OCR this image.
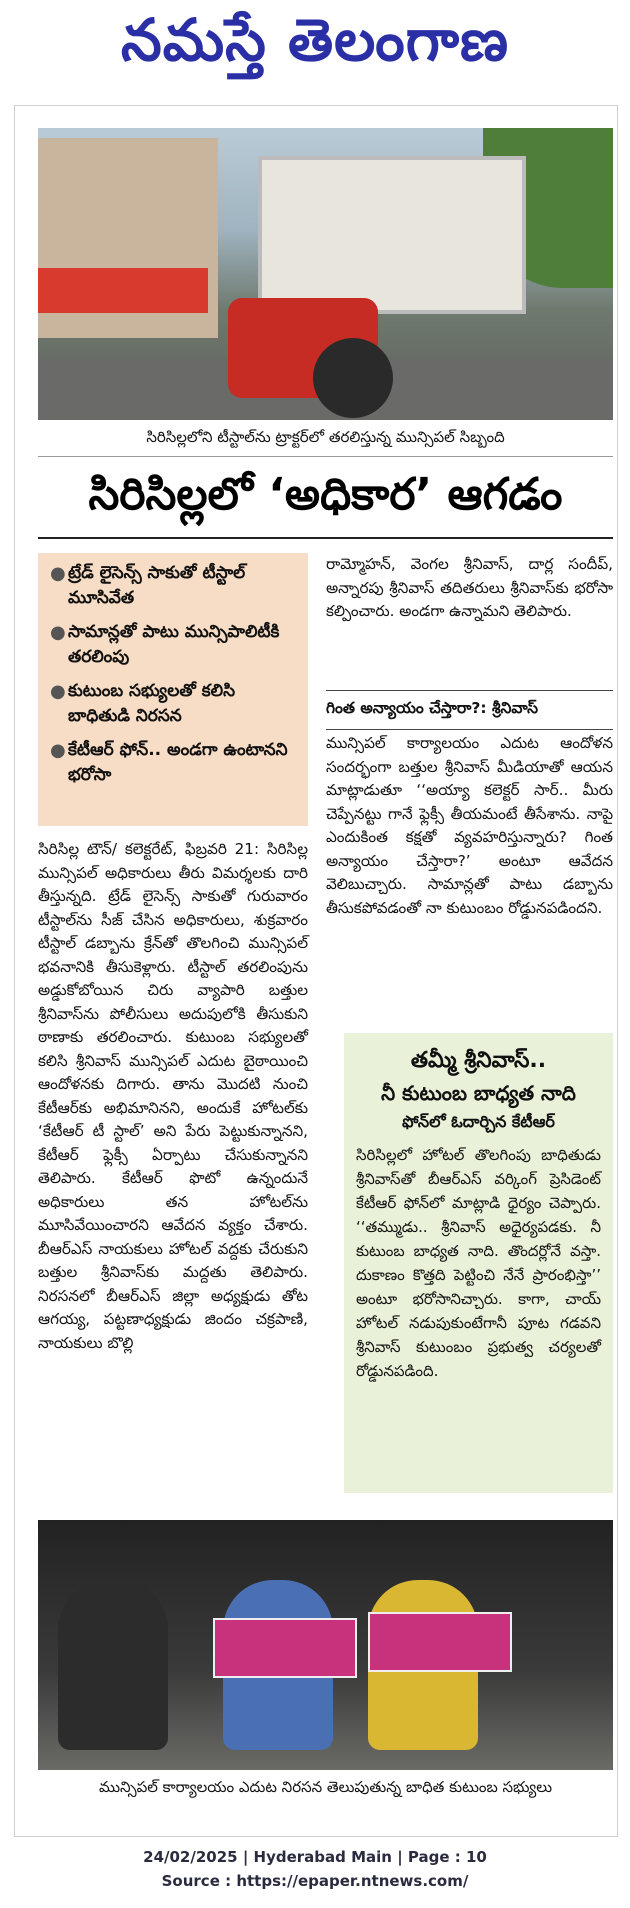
నమస్తే తెలంగాణ
సిరిసిల్లలోని టీస్టాల్‌ను ట్రాక్టర్‌లో తరలిస్తున్న మున్సిపల్ సిబ్బంది
సిరిసిల్లలో ‘అధికార’ ఆగడం
● ట్రేడ్ లైసెన్స్ సాకుతో టీస్టాల్ మూసివేత
● సామాన్లతో పాటు మున్సిపాలిటీకి తరలింపు
● కుటుంబ సభ్యులతో కలిసి బాధితుడి నిరసన
● కేటీఆర్ ఫోన్.. అండగా ఉంటానని భరోసా

సిరిసిల్ల టౌన్/ కలెక్టరేట్, ఫిబ్రవరి 21: సిరిసిల్ల మున్సిపల్ అధికారులు తీరు విమర్శలకు దారి తీస్తున్నది. ట్రేడ్ లైసెన్స్ సాకుతో గురువారం టీస్టాల్‌ను సీజ్ చేసిన అధికారులు, శుక్రవారం టీస్టాల్ డబ్బాను క్రేన్‌తో తొలగించి మున్సిపల్ భవనానికి తీసుకెళ్లారు. టీస్టాల్ తరలింపును అడ్డుకోబోయిన చిరు వ్యాపారి బత్తుల శ్రీనివాస్‌ను పోలీసులు అదుపులోకి తీసుకుని ఠాణాకు తరలించారు. కుటుంబ సభ్యులతో కలిసి శ్రీనివాస్ మున్సిపల్ ఎదుట బైఠాయించి ఆందోళనకు దిగారు. తాను మొదటి నుంచి కేటీఆర్‌కు అభిమానినని, అందుకే హోటల్‌కు ‘కేటీఆర్ టీ స్టాల్’ అని పేరు పెట్టుకున్నానని, కేటీఆర్ ఫ్లెక్సీ ఏర్పాటు చేసుకున్నానని తెలిపారు. కేటీఆర్ ఫొటో ఉన్నందునే అధికారులు తన హోటల్‌ను మూసివేయించారని ఆవేదన వ్యక్తం చేశారు. బీఆర్ఎస్ నాయకులు హోటల్ వద్దకు చేరుకుని బత్తుల శ్రీనివాస్‌కు మద్దతు తెలిపారు. నిరసనలో బీఆర్ఎస్ జిల్లా అధ్యక్షుడు తోట ఆగయ్య, పట్టణాధ్యక్షుడు జిందం చక్రపాణి, నాయకులు బొల్లి

రామ్మోహన్, వెంగల శ్రీనివాస్, దార్ల సందీప్, అన్నారపు శ్రీనివాస్ తదితరులు శ్రీనివాస్‌కు భరోసా కల్పించారు. అండగా ఉన్నామని తెలిపారు.

గింత అన్యాయం చేస్తారా?: శ్రీనివాస్

మున్సిపల్ కార్యాలయం ఎదుట ఆందోళన సందర్భంగా బత్తుల శ్రీనివాస్ మీడియాతో ఆయన మాట్లాడుతూ ‘‘అయ్యా కలెక్టర్ సార్.. మీరు చెప్పేనట్టు గానే ఫ్లెక్సీ తీయమంటే తీసేశాను. నాపై ఎందుకింత కక్షతో వ్యవహరిస్తున్నారు? గింత అన్యాయం చేస్తారా?’ అంటూ ఆవేదన వెలిబుచ్చారు. సామాన్లతో పాటు డబ్బాను తీసుకపోవడంతో నా కుటుంబం రోడ్డునపడిందని.

తమ్మీ శ్రీనివాస్..
నీ కుటుంబ బాధ్యత నాది
ఫోన్‌లో ఓదార్చిన కేటీఆర్
సిరిసిల్లలో హోటల్ తొలగింపు బాధితుడు శ్రీనివాస్‌తో బీఆర్ఎస్ వర్కింగ్ ప్రెసిడెంట్ కేటీఆర్ ఫోన్‌లో మాట్లాడి ధైర్యం చెప్పారు. ‘‘తమ్ముడు.. శ్రీనివాస్ అధైర్యపడకు. నీ కుటుంబ బాధ్యత నాది. తొందర్లోనే వస్తా. దుకాణం కొత్తది పెట్టించి నేనే ప్రారంభిస్తా’’ అంటూ భరోసానిచ్చారు. కాగా, చాయ్ హోటల్ నడుపుకుంటేగానీ పూట గడవని శ్రీనివాస్ కుటుంబం ప్రభుత్వ చర్యలతో రోడ్డునపడింది.
మున్సిపల్ కార్యాలయం ఎదుట నిరసన తెలుపుతున్న బాధిత కుటుంబ సభ్యులు
24/02/2025 | Hyderabad Main | Page : 10
Source : https://epaper.ntnews.com/
